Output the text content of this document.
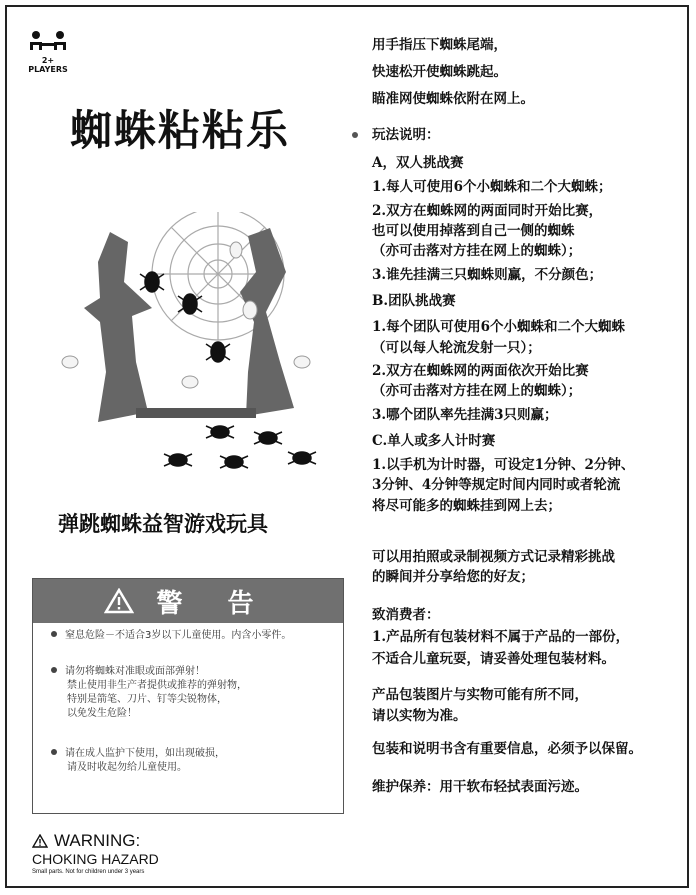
2+
PLAYERS
蜘蛛粘粘乐
弹跳蜘蛛益智游戏玩具
警 告
窒息危险－不适合3岁以下儿童使用。内含小零件。
请勿将蜘蛛对准眼或面部弹射！
禁止使用非生产者提供或推荐的弹射物，
特别是箭笔、刀片、钉等尖锐物体，
以免发生危险！
请在成人监护下使用，如出现破损，
请及时收起勿给儿童使用。
WARNING:
CHOKING HAZARD
Small parts. Not for children under 3 years
用手指压下蜘蛛尾端，
快速松开使蜘蛛跳起。
瞄准网使蜘蛛依附在网上。
玩法说明：
A，双人挑战赛
1.每人可使用6个小蜘蛛和二个大蜘蛛；
2.双方在蜘蛛网的两面同时开始比赛，
也可以使用掉落到自己一侧的蜘蛛
（亦可击落对方挂在网上的蜘蛛）；
3.谁先挂满三只蜘蛛则赢，不分颜色；
B.团队挑战赛
1.每个团队可使用6个小蜘蛛和二个大蜘蛛
（可以每人轮流发射一只）；
2.双方在蜘蛛网的两面依次开始比赛
（亦可击落对方挂在网上的蜘蛛）；
3.哪个团队率先挂满3只则赢；
C.单人或多人计时赛
1.以手机为计时器，可设定1分钟、2分钟、
3分钟、4分钟等规定时间内同时或者轮流
将尽可能多的蜘蛛挂到网上去；
可以用拍照或录制视频方式记录精彩挑战
的瞬间并分享给您的好友；
致消费者：
1.产品所有包装材料不属于产品的一部份，
不适合儿童玩耍，请妥善处理包装材料。
产品包装图片与实物可能有所不同，
请以实物为准。
包装和说明书含有重要信息，必须予以保留。
维护保养：用干软布轻拭表面污迹。
